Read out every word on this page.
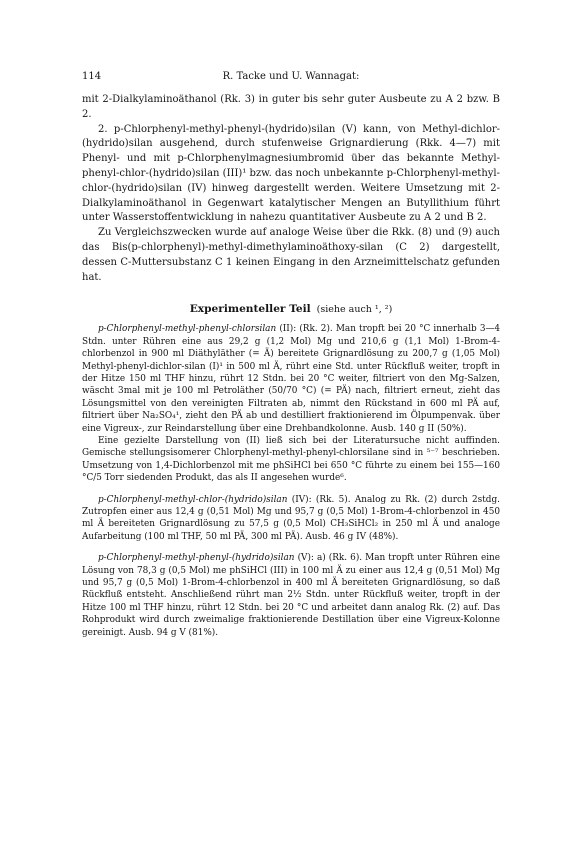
114	R. Tacke und U. Wannagat:

mit 2-Dialkylaminoäthanol (Rk. 3) in guter bis sehr guter Ausbeute zu A 2 bzw. B 2.

2. p-Chlorphenyl-methyl-phenyl-(hydrido)silan (V) kann, von Methyl-dichlor-(hydrido)silan ausgehend, durch stufenweise Grignardierung (Rkk. 4—7) mit Phenyl- und mit p-Chlorphenylmagnesiumbromid über das bekannte Methyl-phenyl-chlor-(hydrido)silan (III)¹ bzw. das noch unbekannte p-Chlorphenyl-methyl-chlor-(hydrido)silan (IV) hinweg dargestellt werden. Weitere Umsetzung mit 2-Dialkylaminoäthanol in Gegenwart katalytischer Mengen an Butyllithium führt unter Wasserstoffentwicklung in nahezu quantitativer Ausbeute zu A 2 und B 2.

Zu Vergleichszwecken wurde auf analoge Weise über die Rkk. (8) und (9) auch das Bis(p-chlorphenyl)-methyl-dimethylaminoäthoxy-silan (C 2) dargestellt, dessen C-Muttersubstanz C 1 keinen Eingang in den Arzneimittelschatz gefunden hat.

Experimenteller Teil (siehe auch ¹, ²)

p-Chlorphenyl-methyl-phenyl-chlorsilan (II): (Rk. 2). Man tropft bei 20 °C innerhalb 3—4 Stdn. unter Rühren eine aus 29,2 g (1,2 Mol) Mg und 210,6 g (1,1 Mol) 1-Brom-4-chlorbenzol in 900 ml Diäthyläther (= Ä) bereitete Grignardlösung zu 200,7 g (1,05 Mol) Methyl-phenyl-dichlor-silan (I)¹ in 500 ml Ä, rührt eine Std. unter Rückfluß weiter, tropft in der Hitze 150 ml THF hinzu, rührt 12 Stdn. bei 20 °C weiter, filtriert von den Mg-Salzen, wäscht 3mal mit je 100 ml Petroläther (50/70 °C) (= PÄ) nach, filtriert erneut, zieht das Lösungsmittel von den vereinigten Filtraten ab, nimmt den Rückstand in 600 ml PÄ auf, filtriert über Na₂SO₄¹, zieht den PÄ ab und destilliert fraktionierend im Ölpumpenvak. über eine Vigreux-, zur Reindarstellung über eine Drehbandkolonne. Ausb. 140 g II (50%).

Eine gezielte Darstellung von (II) ließ sich bei der Literatursuche nicht auffinden. Gemische stellungsisomerer Chlorphenyl-methyl-phenyl-chlorsilane sind in ⁵⁻⁷ beschrieben. Umsetzung von 1,4-Dichlorbenzol mit me phSiHCl bei 650 °C führte zu einem bei 155—160 °C/5 Torr siedenden Produkt, das als II angesehen wurde⁶.

p-Chlorphenyl-methyl-chlor-(hydrido)silan (IV): (Rk. 5). Analog zu Rk. (2) durch 2stdg. Zutropfen einer aus 12,4 g (0,51 Mol) Mg und 95,7 g (0,5 Mol) 1-Brom-4-chlorbenzol in 450 ml Ä bereiteten Grignardlösung zu 57,5 g (0,5 Mol) CH₃SiHCl₂ in 250 ml Ä und analoge Aufarbeitung (100 ml THF, 50 ml PÄ, 300 ml PÄ). Ausb. 46 g IV (48%).

p-Chlorphenyl-methyl-phenyl-(hydrido)silan (V): a) (Rk. 6). Man tropft unter Rühren eine Lösung von 78,3 g (0,5 Mol) me phSiHCl (III) in 100 ml Ä zu einer aus 12,4 g (0,51 Mol) Mg und 95,7 g (0,5 Mol) 1-Brom-4-chlorbenzol in 400 ml Ä bereiteten Grignardlösung, so daß Rückfluß entsteht. Anschließend rührt man 2½ Stdn. unter Rückfluß weiter, tropft in der Hitze 100 ml THF hinzu, rührt 12 Stdn. bei 20 °C und arbeitet dann analog Rk. (2) auf. Das Rohprodukt wird durch zweimalige fraktionierende Destillation über eine Vigreux-Kolonne gereinigt. Ausb. 94 g V (81%).
